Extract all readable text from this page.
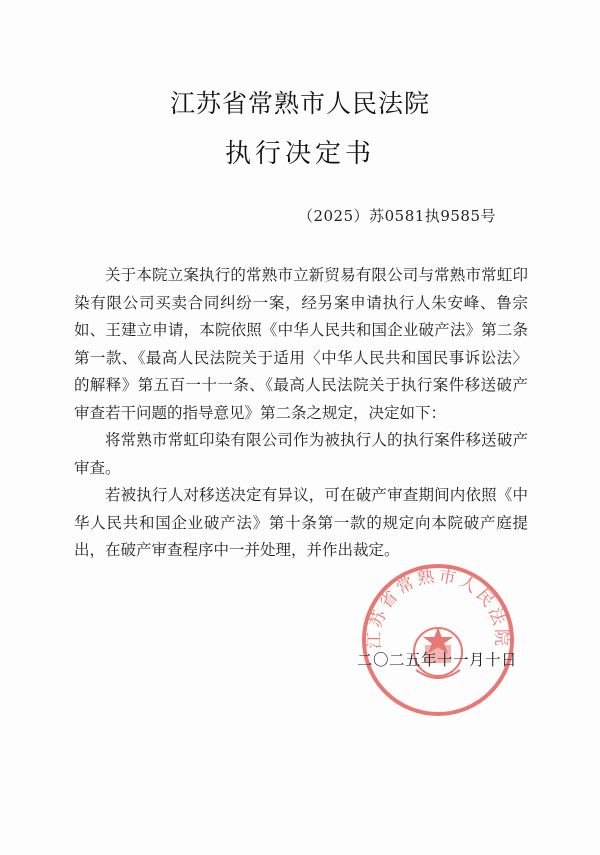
江苏省常熟市人民法院
执行决定书
（2025）苏0581执9585号

关于本院立案执行的常熟市立新贸易有限公司与常熟市常虹印染有限公司买卖合同纠纷一案，经另案申请执行人朱安峰、鲁宗如、王建立申请，本院依照《中华人民共和国企业破产法》第二条第一款、《最高人民法院关于适用〈中华人民共和国民事诉讼法〉的解释》第五百一十一条、《最高人民法院关于执行案件移送破产审查若干问题的指导意见》第二条之规定，决定如下：

将常熟市常虹印染有限公司作为被执行人的执行案件移送破产审查。

若被执行人对移送决定有异议，可在破产审查期间内依照《中华人民共和国企业破产法》第十条第一款的规定向本院破产庭提出，在破产审查程序中一并处理，并作出裁定。

江苏省常熟市人民法院
二〇二五年十一月十日
